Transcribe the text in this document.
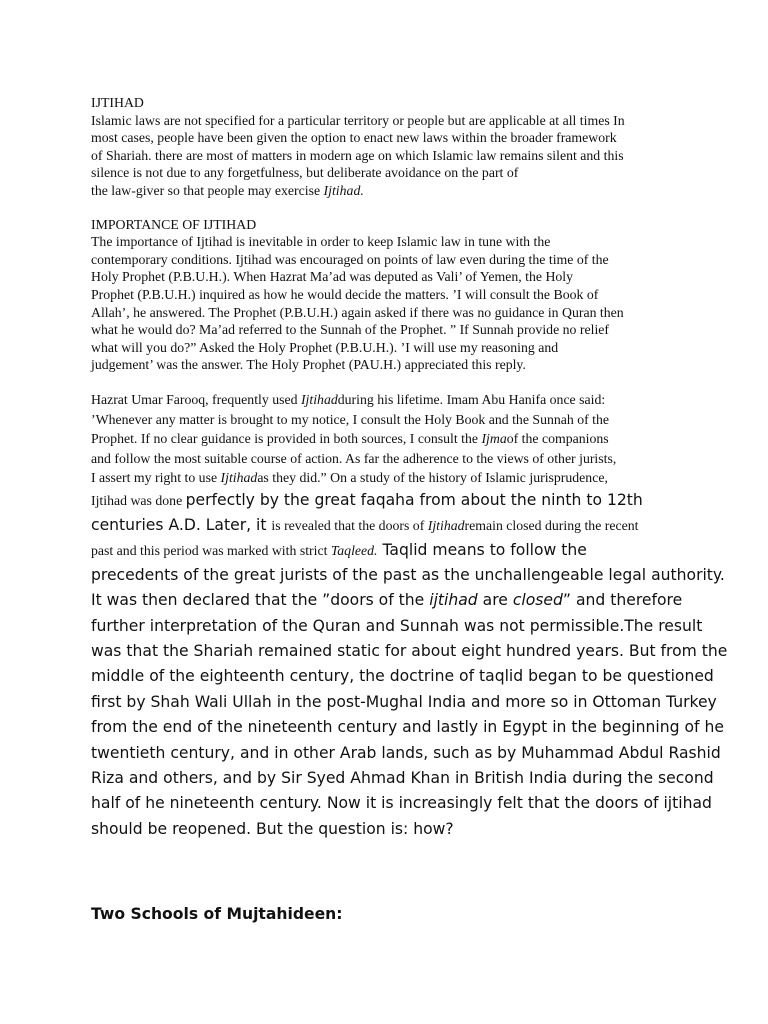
IJTIHAD
Islamic laws are not specified for a particular territory or people but are applicable at all times In
most cases, people have been given the option to enact new laws within the broader framework
of Shariah. there are most of matters in modern age on which Islamic law remains silent and this
silence is not due to any forgetfulness, but deliberate avoidance on the part of
the law-giver so that people may exercise Ijtihad.
IMPORTANCE OF IJTIHAD
The importance of Ijtihad is inevitable in order to keep Islamic law in tune with the
contemporary conditions. Ijtihad was encouraged on points of law even during the time of the
Holy Prophet (P.B.U.H.). When Hazrat Ma’ad was deputed as Vali’ of Yemen, the Holy
Prophet (P.B.U.H.) inquired as how he would decide the matters. ’I will consult the Book of
Allah’, he answered. The Prophet (P.B.U.H.) again asked if there was no guidance in Quran then
what he would do? Ma’ad referred to the Sunnah of the Prophet. ” If Sunnah provide no relief
what will you do?” Asked the Holy Prophet (P.B.U.H.). ’I will use my reasoning and
judgement’ was the answer. The Holy Prophet (PAU.H.) appreciated this reply.
Hazrat Umar Farooq, frequently used Ijtihadduring his lifetime. Imam Abu Hanifa once said:
’Whenever any matter is brought to my notice, I consult the Holy Book and the Sunnah of the
Prophet. If no clear guidance is provided in both sources, I consult the Ijmaof the companions
and follow the most suitable course of action. As far the adherence to the views of other jurists,
I assert my right to use Ijtihadas they did.” On a study of the history of Islamic jurisprudence,
Ijtihad was done perfectly by the great faqaha from about the ninth to 12th
centuries A.D. Later, it is revealed that the doors of Ijtihadremain closed during the recent
past and this period was marked with strict Taqleed. Taqlid means to follow the
precedents of the great jurists of the past as the unchallengeable legal authority.
It was then declared that the ”doors of the ijtihad are closed” and therefore
further interpretation of the Quran and Sunnah was not permissible.The result
was that the Shariah remained static for about eight hundred years. But from the
middle of the eighteenth century, the doctrine of taqlid began to be questioned
first by Shah Wali Ullah in the post-Mughal India and more so in Ottoman Turkey
from the end of the nineteenth century and lastly in Egypt in the beginning of he
twentieth century, and in other Arab lands, such as by Muhammad Abdul Rashid
Riza and others, and by Sir Syed Ahmad Khan in British India during the second
half of he nineteenth century. Now it is increasingly felt that the doors of ijtihad
should be reopened. But the question is: how?
Two Schools of Mujtahideen:
